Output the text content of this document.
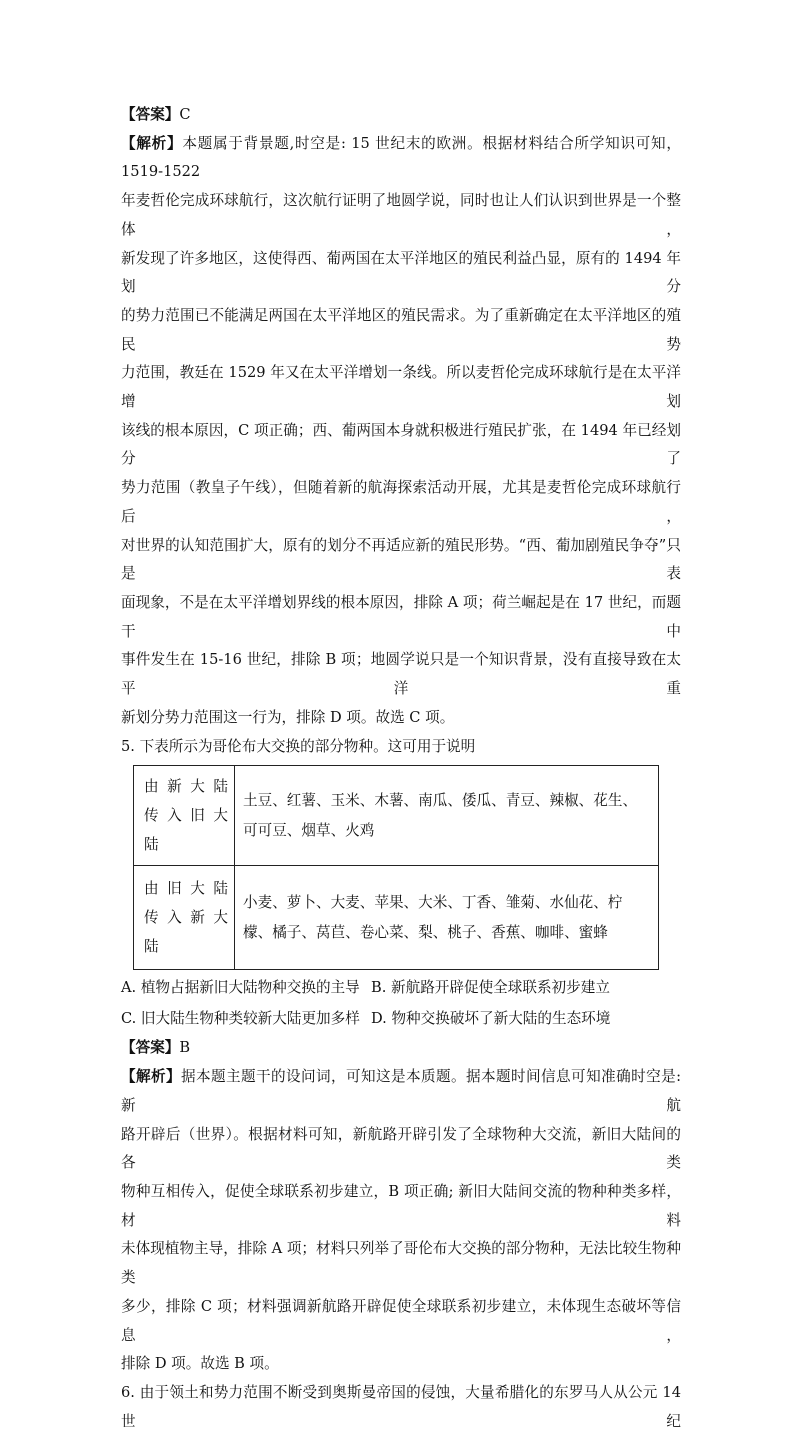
【答案】C

【解析】本题属于背景题,时空是: 15 世纪末的欧洲。根据材料结合所学知识可知，1519-1522

年麦哲伦完成环球航行，这次航行证明了地圆学说，同时也让人们认识到世界是一个整体，

新发现了许多地区，这使得西、葡两国在太平洋地区的殖民利益凸显，原有的 1494 年划分

的势力范围已不能满足两国在太平洋地区的殖民需求。为了重新确定在太平洋地区的殖民势

力范围，教廷在 1529 年又在太平洋增划一条线。所以麦哲伦完成环球航行是在太平洋增划

该线的根本原因，C 项正确；西、葡两国本身就积极进行殖民扩张，在 1494 年已经划分了

势力范围（教皇子午线），但随着新的航海探索活动开展，尤其是麦哲伦完成环球航行后，

对世界的认知范围扩大，原有的划分不再适应新的殖民形势。“西、葡加剧殖民争夺”只是表

面现象，不是在太平洋增划界线的根本原因，排除 A 项；荷兰崛起是在 17 世纪，而题干中

事件发生在 15-16 世纪，排除 B 项；地圆学说只是一个知识背景，没有直接导致在太平洋重

新划分势力范围这一行为，排除 D 项。故选 C 项。

5. 下表所示为哥伦布大交换的部分物种。这可用于说明

由新大陆
传入旧大
陆	土豆、红薯、玉米、木薯、南瓜、倭瓜、青豆、辣椒、花生、可可豆、烟草、火鸡

由旧大陆
传入新大
陆	小麦、萝卜、大麦、苹果、大米、丁香、雏菊、水仙花、柠檬、橘子、莴苣、卷心菜、梨、桃子、香蕉、咖啡、蜜蜂
A. 植物占据新旧大陆物种交换的主导 B. 新航路开辟促使全球联系初步建立
C. 旧大陆生物种类较新大陆更加多样 D. 物种交换破坏了新大陆的生态环境

【答案】B

【解析】据本题主题干的设问词，可知这是本质题。据本题时间信息可知准确时空是: 新航

路开辟后（世界）。根据材料可知，新航路开辟引发了全球物种大交流，新旧大陆间的各类

物种互相传入，促使全球联系初步建立，B 项正确; 新旧大陆间交流的物种种类多样，材料

未体现植物主导，排除 A 项；材料只列举了哥伦布大交换的部分物种，无法比较生物种类

多少，排除 C 项；材料强调新航路开辟促使全球联系初步建立，未体现生态破坏等信息，

排除 D 项。故选 B 项。

6. 由于领土和势力范围不断受到奥斯曼帝国的侵蚀，大量希腊化的东罗马人从公元 14 世纪
